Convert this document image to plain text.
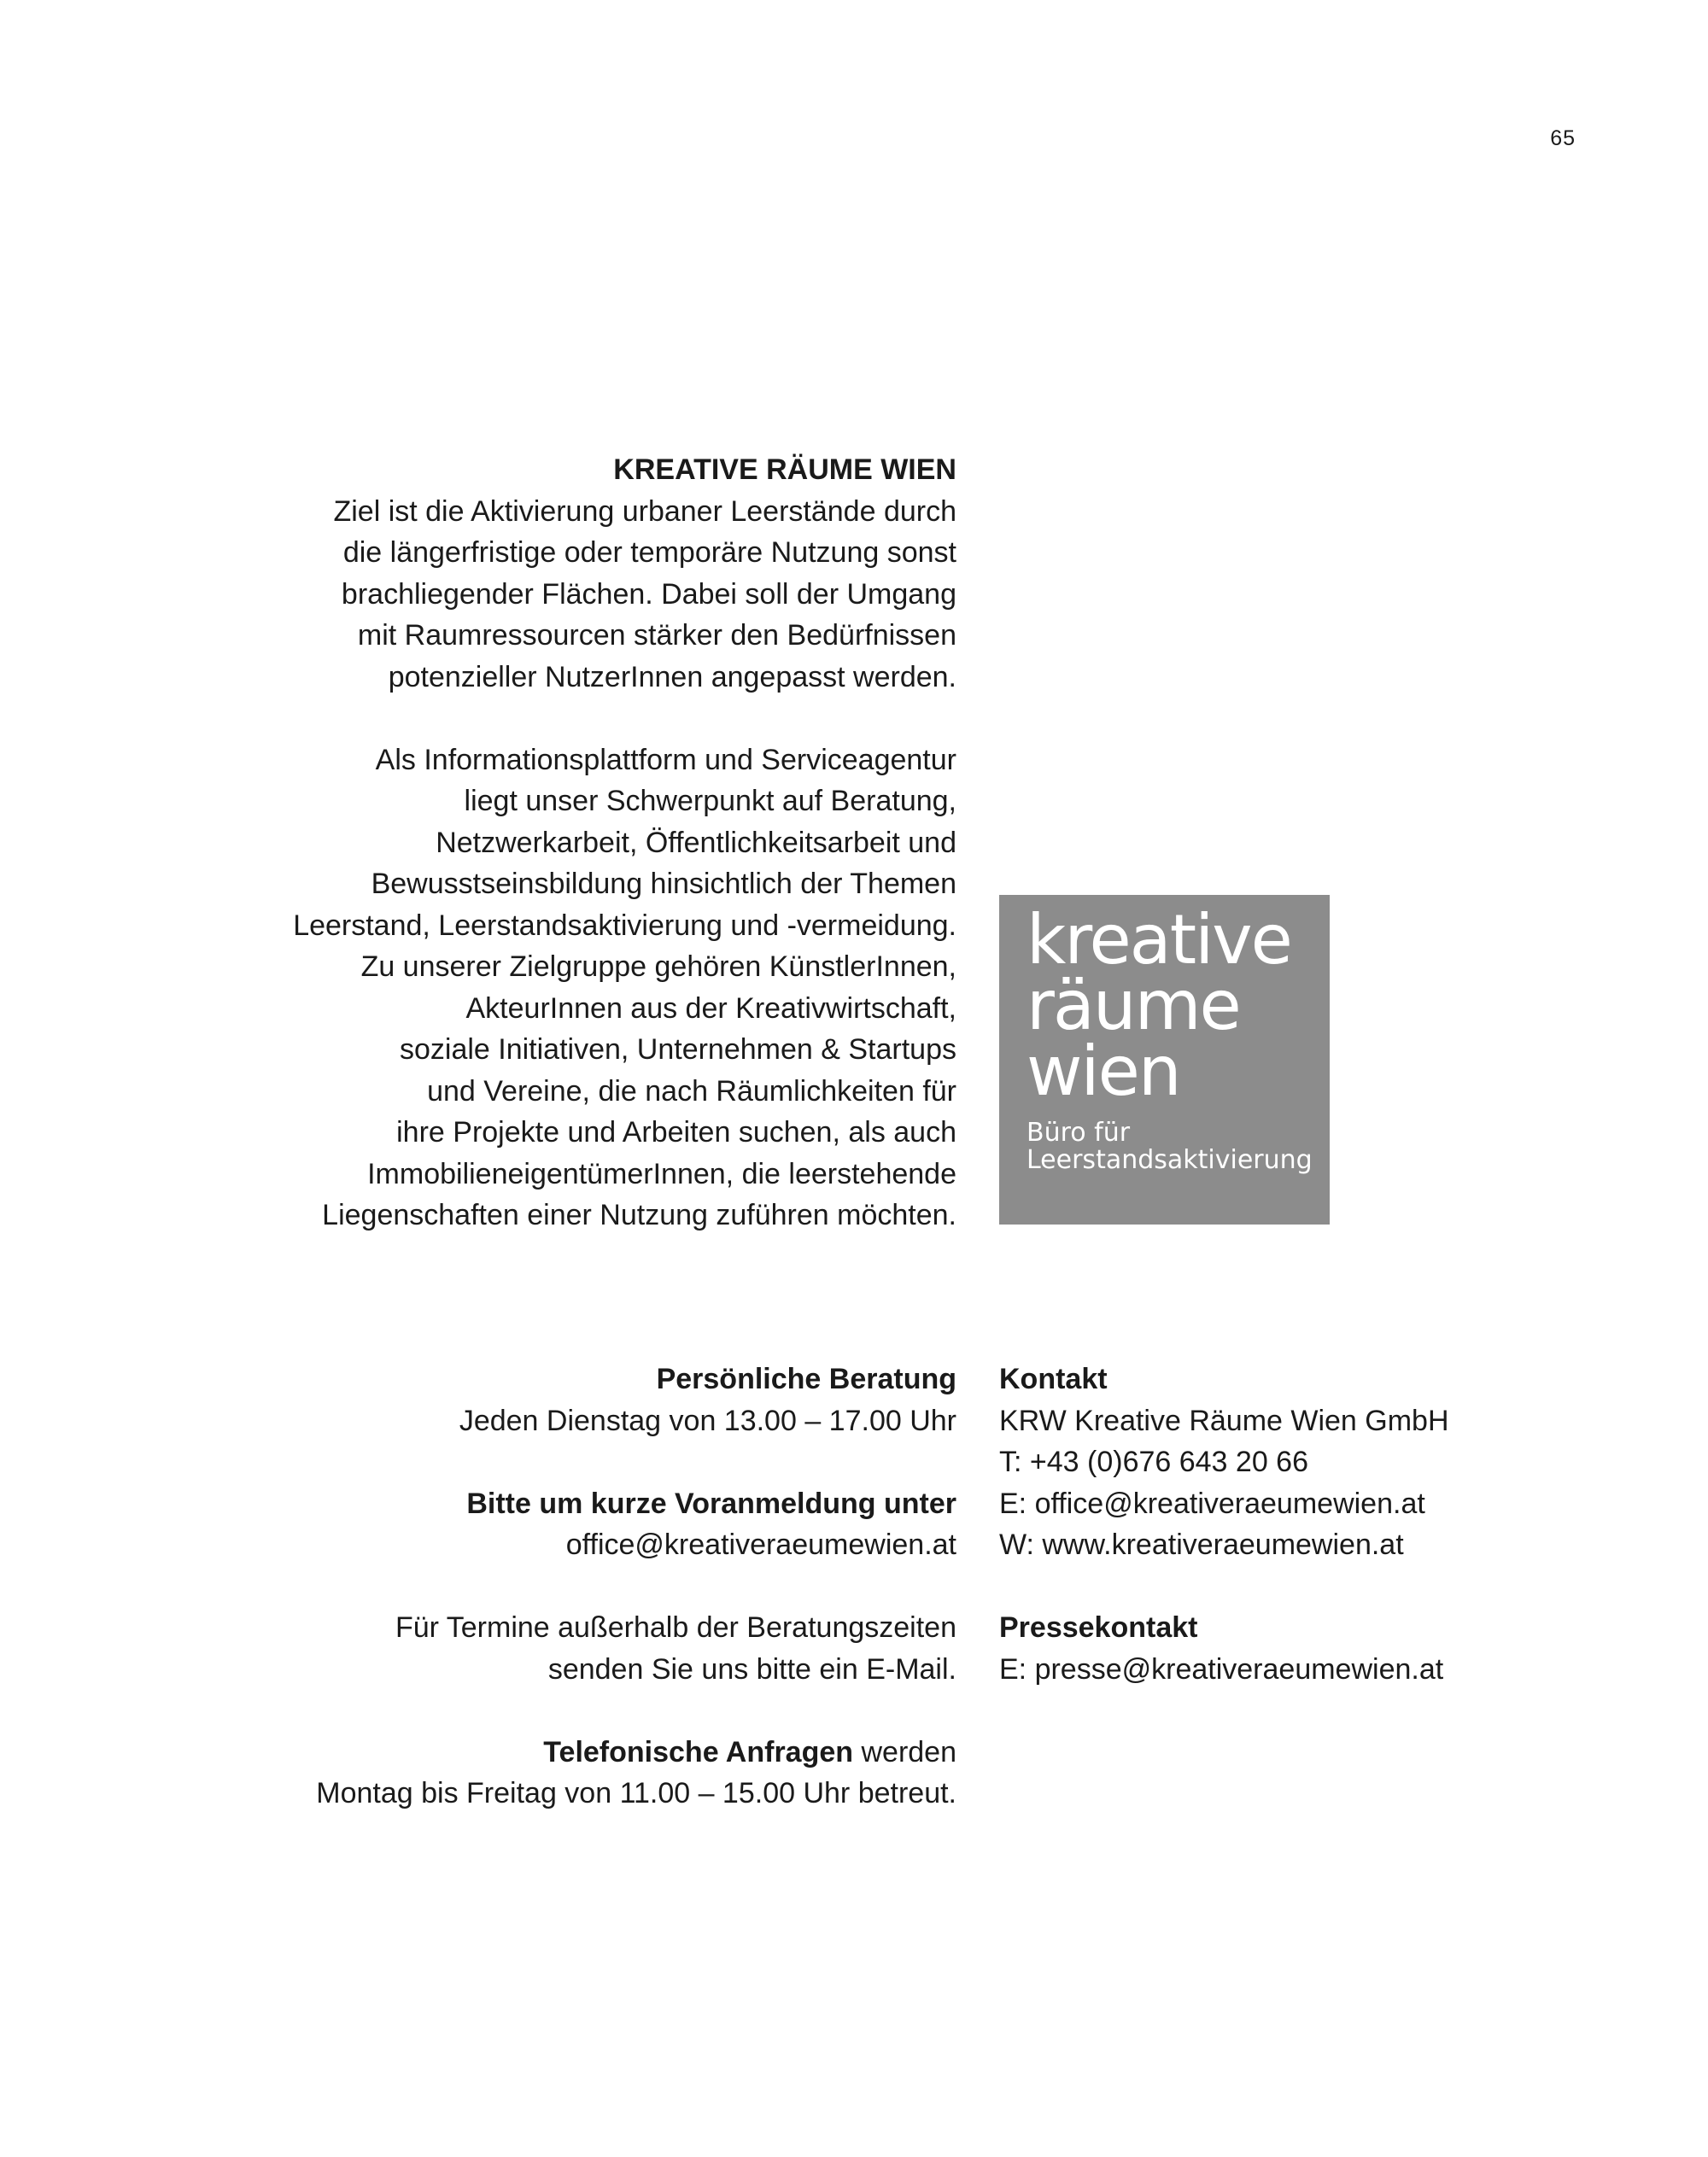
65
KREATIVE RÄUME WIEN
Ziel ist die Aktivierung urbaner Leerstände durch
die längerfristige oder temporäre Nutzung sonst
brachliegender Flächen. Dabei soll der Umgang
mit Raumressourcen stärker den Bedürfnissen
potenzieller NutzerInnen angepasst werden.
Als Informationsplattform und Serviceagentur
liegt unser Schwerpunkt auf Beratung,
Netzwerkarbeit, Öffentlichkeitsarbeit und
Bewusstseinsbildung hinsichtlich der Themen
Leerstand, Leerstandsaktivierung und -vermeidung.
Zu unserer Zielgruppe gehören KünstlerInnen,
AkteurInnen aus der Kreativwirtschaft,
soziale Initiativen, Unternehmen & Startups
und Vereine, die nach Räumlichkeiten für
ihre Projekte und Arbeiten suchen, als auch
ImmobilieneigentümerInnen, die leerstehende
Liegenschaften einer Nutzung zuführen möchten.
kreative
räume
wien
Büro für
Leerstandsaktivierung
Persönliche Beratung
Jeden Dienstag von 13.00 – 17.00 Uhr
Bitte um kurze Voranmeldung unter
office@kreativeraeumewien.at
Für Termine außerhalb der Beratungszeiten
senden Sie uns bitte ein E-Mail.
Telefonische Anfragen werden
Montag bis Freitag von 11.00 – 15.00 Uhr betreut.
Kontakt
KRW Kreative Räume Wien GmbH
T: +43 (0)676 643 20 66
E: office@kreativeraeumewien.at
W: www.kreativeraeumewien.at
Pressekontakt
E: presse@kreativeraeumewien.at
